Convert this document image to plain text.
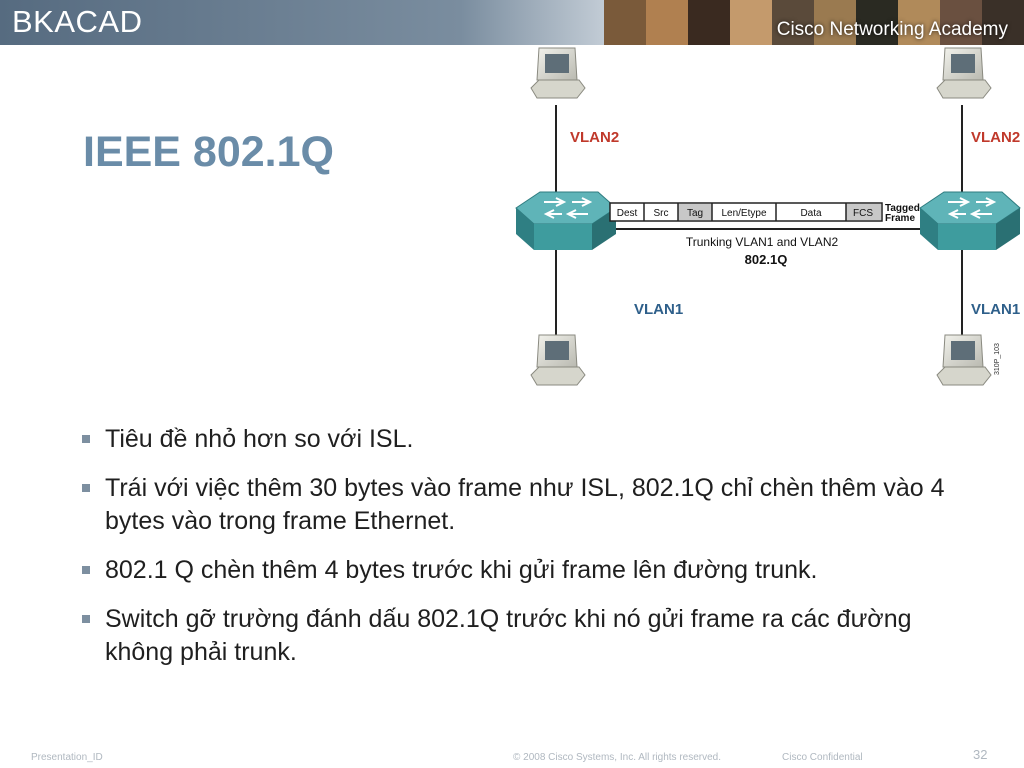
BKACAD	Cisco Networking Academy
IEEE 802.1Q	VLAN2	VLAN2
VLAN1	VLAN1
Dest Src Tag Len/Etype	Data	FCS Tagged
Frame
Trunking VLAN1 and VLAN2
802.1Q
310P_103
Tiêu đề nhỏ hơn so với ISL.
Trái với việc thêm 30 bytes vào frame như ISL, 802.1Q chỉ chèn thêm vào 4 bytes vào trong frame Ethernet.
802.1 Q chèn thêm 4 bytes trước khi gửi frame lên đường trunk.
Switch gỡ trường đánh dấu 802.1Q trước khi nó gửi frame ra các đường không phải trunk.
Presentation_ID	© 2008 Cisco Systems, Inc. All rights reserved.	Cisco Confidential	32
